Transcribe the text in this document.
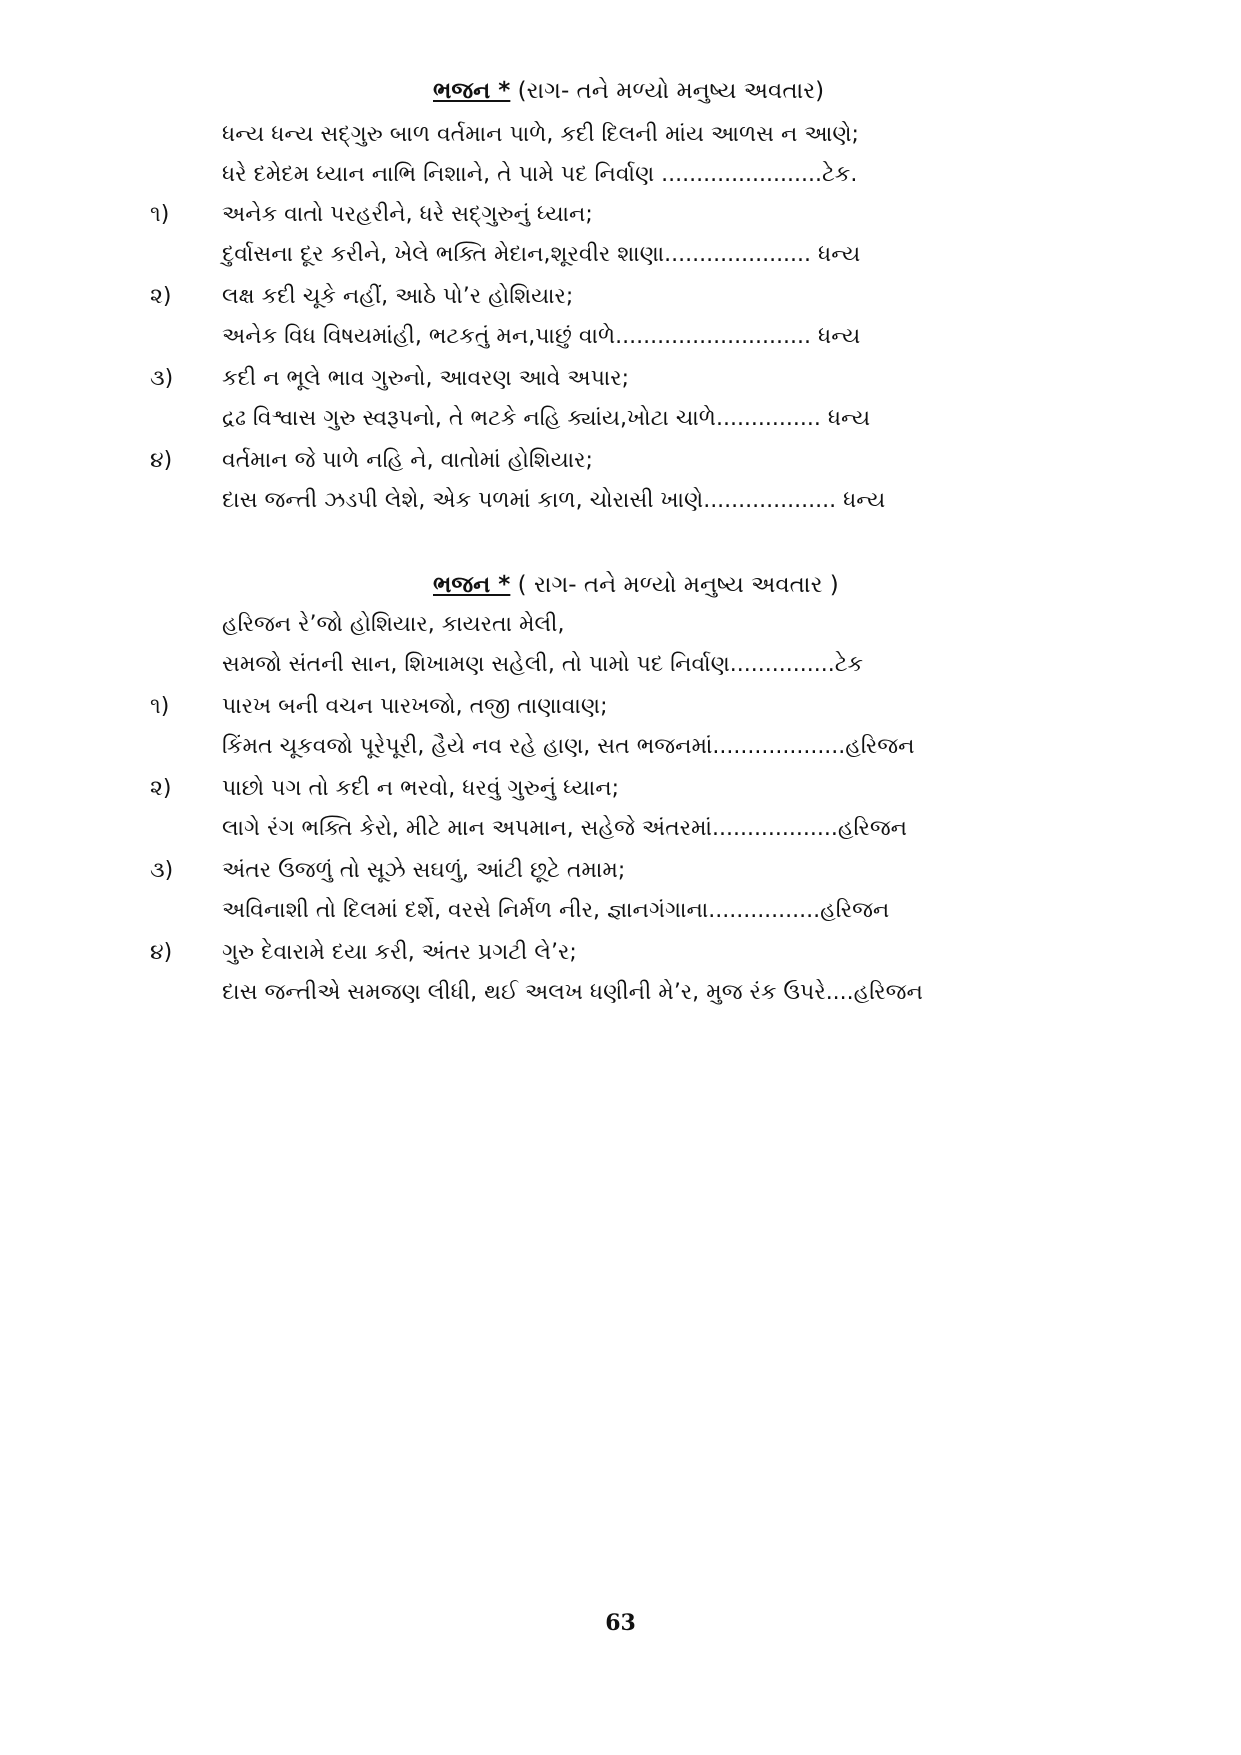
ભજન * (રાગ- તને મળ્યો મનુષ્ય અવતાર)
ધન્ય ધન્ય સદ્ગુરુ બાળ વર્તમાન પાળે, કદી દિલની માંય આળસ ન આણે;
ધરે દમેદમ ધ્યાન નાભિ નિશાને, તે પામે પદ નિર્વાણ .......................ટેક.
૧) અનેક વાતો પરહરીને, ધરે સદ્ગુરુનું ધ્યાન;
દુર્વાસના દૂર કરીને, ખેલે ભક્તિ મેદાન,શૂરવીર શાણા..................... ધન્ય
૨) લક્ષ કદી ચૂકે નહીં, આઠે પો’ર હોશિયાર;
અનેક વિધ વિષયમાંહી, ભટકતું મન,પાછું વાળે............................ ધન્ય
૩) કદી ન ભૂલે ભાવ ગુરુનો, આવરણ આવે અપાર;
દ્રઢ વિશ્વાસ ગુરુ સ્વરૂપનો, તે ભટકે નહિ ક્યાંય,ખોટા ચાળે............... ધન્ય
૪) વર્તમાન જે પાળે નહિ ને, વાતોમાં હોશિયાર;
દાસ જન્તી ઝડપી લેશે, એક પળમાં કાળ, ચોરાસી ખાણે................... ધન્ય
ભજન * ( રાગ- તને મળ્યો મનુષ્ય અવતાર )
હરિજન રે’જો હોશિયાર, કાયરતા મેલી,
સમજો સંતની સાન, શિખામણ સહેલી, તો પામો પદ નિર્વાણ...............ટેક
૧) પારખ બની વચન પારખજો, તજી તાણાવાણ;
કિંમત ચૂકવજો પૂરેપૂરી, હૈયે નવ રહે હાણ, સત ભજનમાં...................હરિજન
૨) પાછો પગ તો કદી ન ભરવો, ધરવું ગુરુનું ધ્યાન;
લાગે રંગ ભક્તિ કેરો, મીટે માન અપમાન, સહેજે અંતરમાં..................હરિજન
૩) અંતર ઉજળું તો સૂઝે સઘળું, આંટી છૂટે તમામ;
અવિનાશી તો દિલમાં દર્શે, વરસે નિર્મળ નીર, જ્ઞાનગંગાના................હરિજન
૪) ગુરુ દેવારામે દયા કરી, અંતર પ્રગટી લે’ર;
દાસ જન્તીએ સમજણ લીધી, થઈ અલખ ધણીની મે’ર, મુજ રંક ઉપરે....હરિજન
63
